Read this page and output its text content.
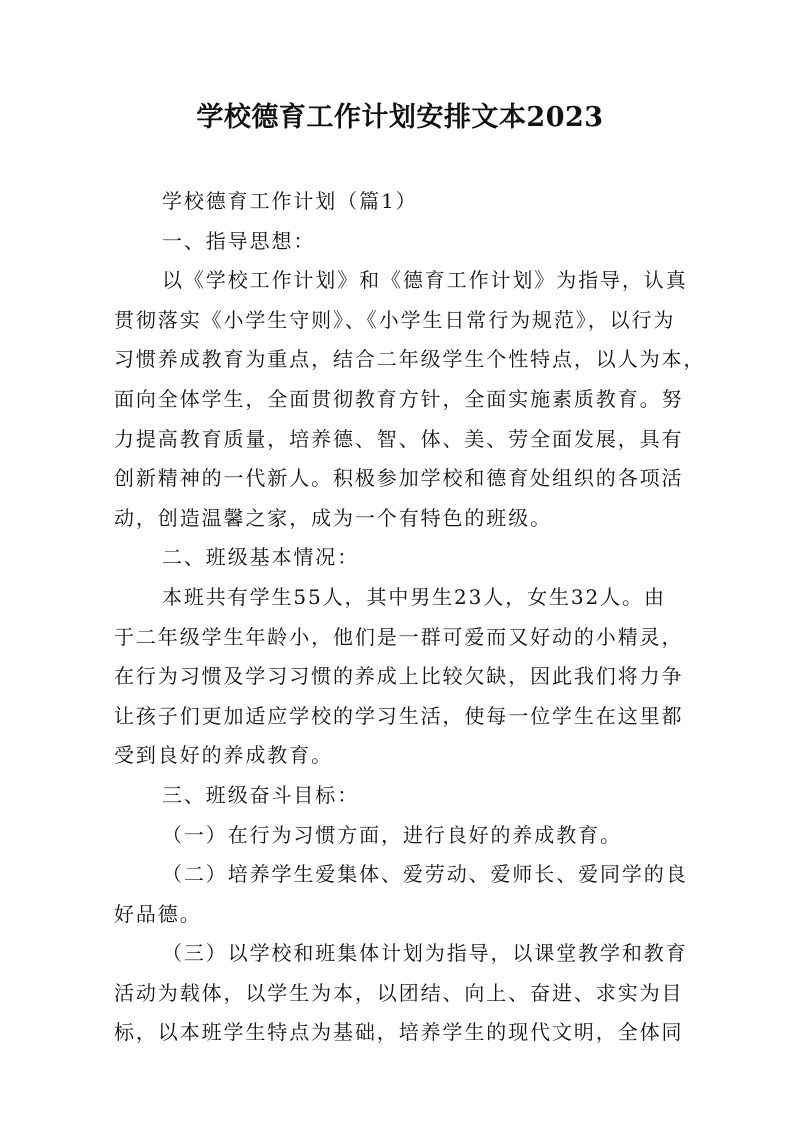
学校德育工作计划安排文本2023
学校德育工作计划（篇1）
一、指导思想：
以《学校工作计划》和《德育工作计划》为指导，认真
贯彻落实《小学生守则》、《小学生日常行为规范》，以行为
习惯养成教育为重点，结合二年级学生个性特点，以人为本，
面向全体学生，全面贯彻教育方针，全面实施素质教育。努
力提高教育质量，培养德、智、体、美、劳全面发展，具有
创新精神的一代新人。积极参加学校和德育处组织的各项活
动，创造温馨之家，成为一个有特色的班级。
二、班级基本情况：
本班共有学生55人，其中男生23人，女生32人。由
于二年级学生年龄小，他们是一群可爱而又好动的小精灵，
在行为习惯及学习习惯的养成上比较欠缺，因此我们将力争
让孩子们更加适应学校的学习生活，使每一位学生在这里都
受到良好的养成教育。
三、班级奋斗目标：
（一）在行为习惯方面，进行良好的养成教育。
（二）培养学生爱集体、爱劳动、爱师长、爱同学的良
好品德。
（三）以学校和班集体计划为指导，以课堂教学和教育
活动为载体，以学生为本，以团结、向上、奋进、求实为目
标，以本班学生特点为基础，培养学生的现代文明，全体同
